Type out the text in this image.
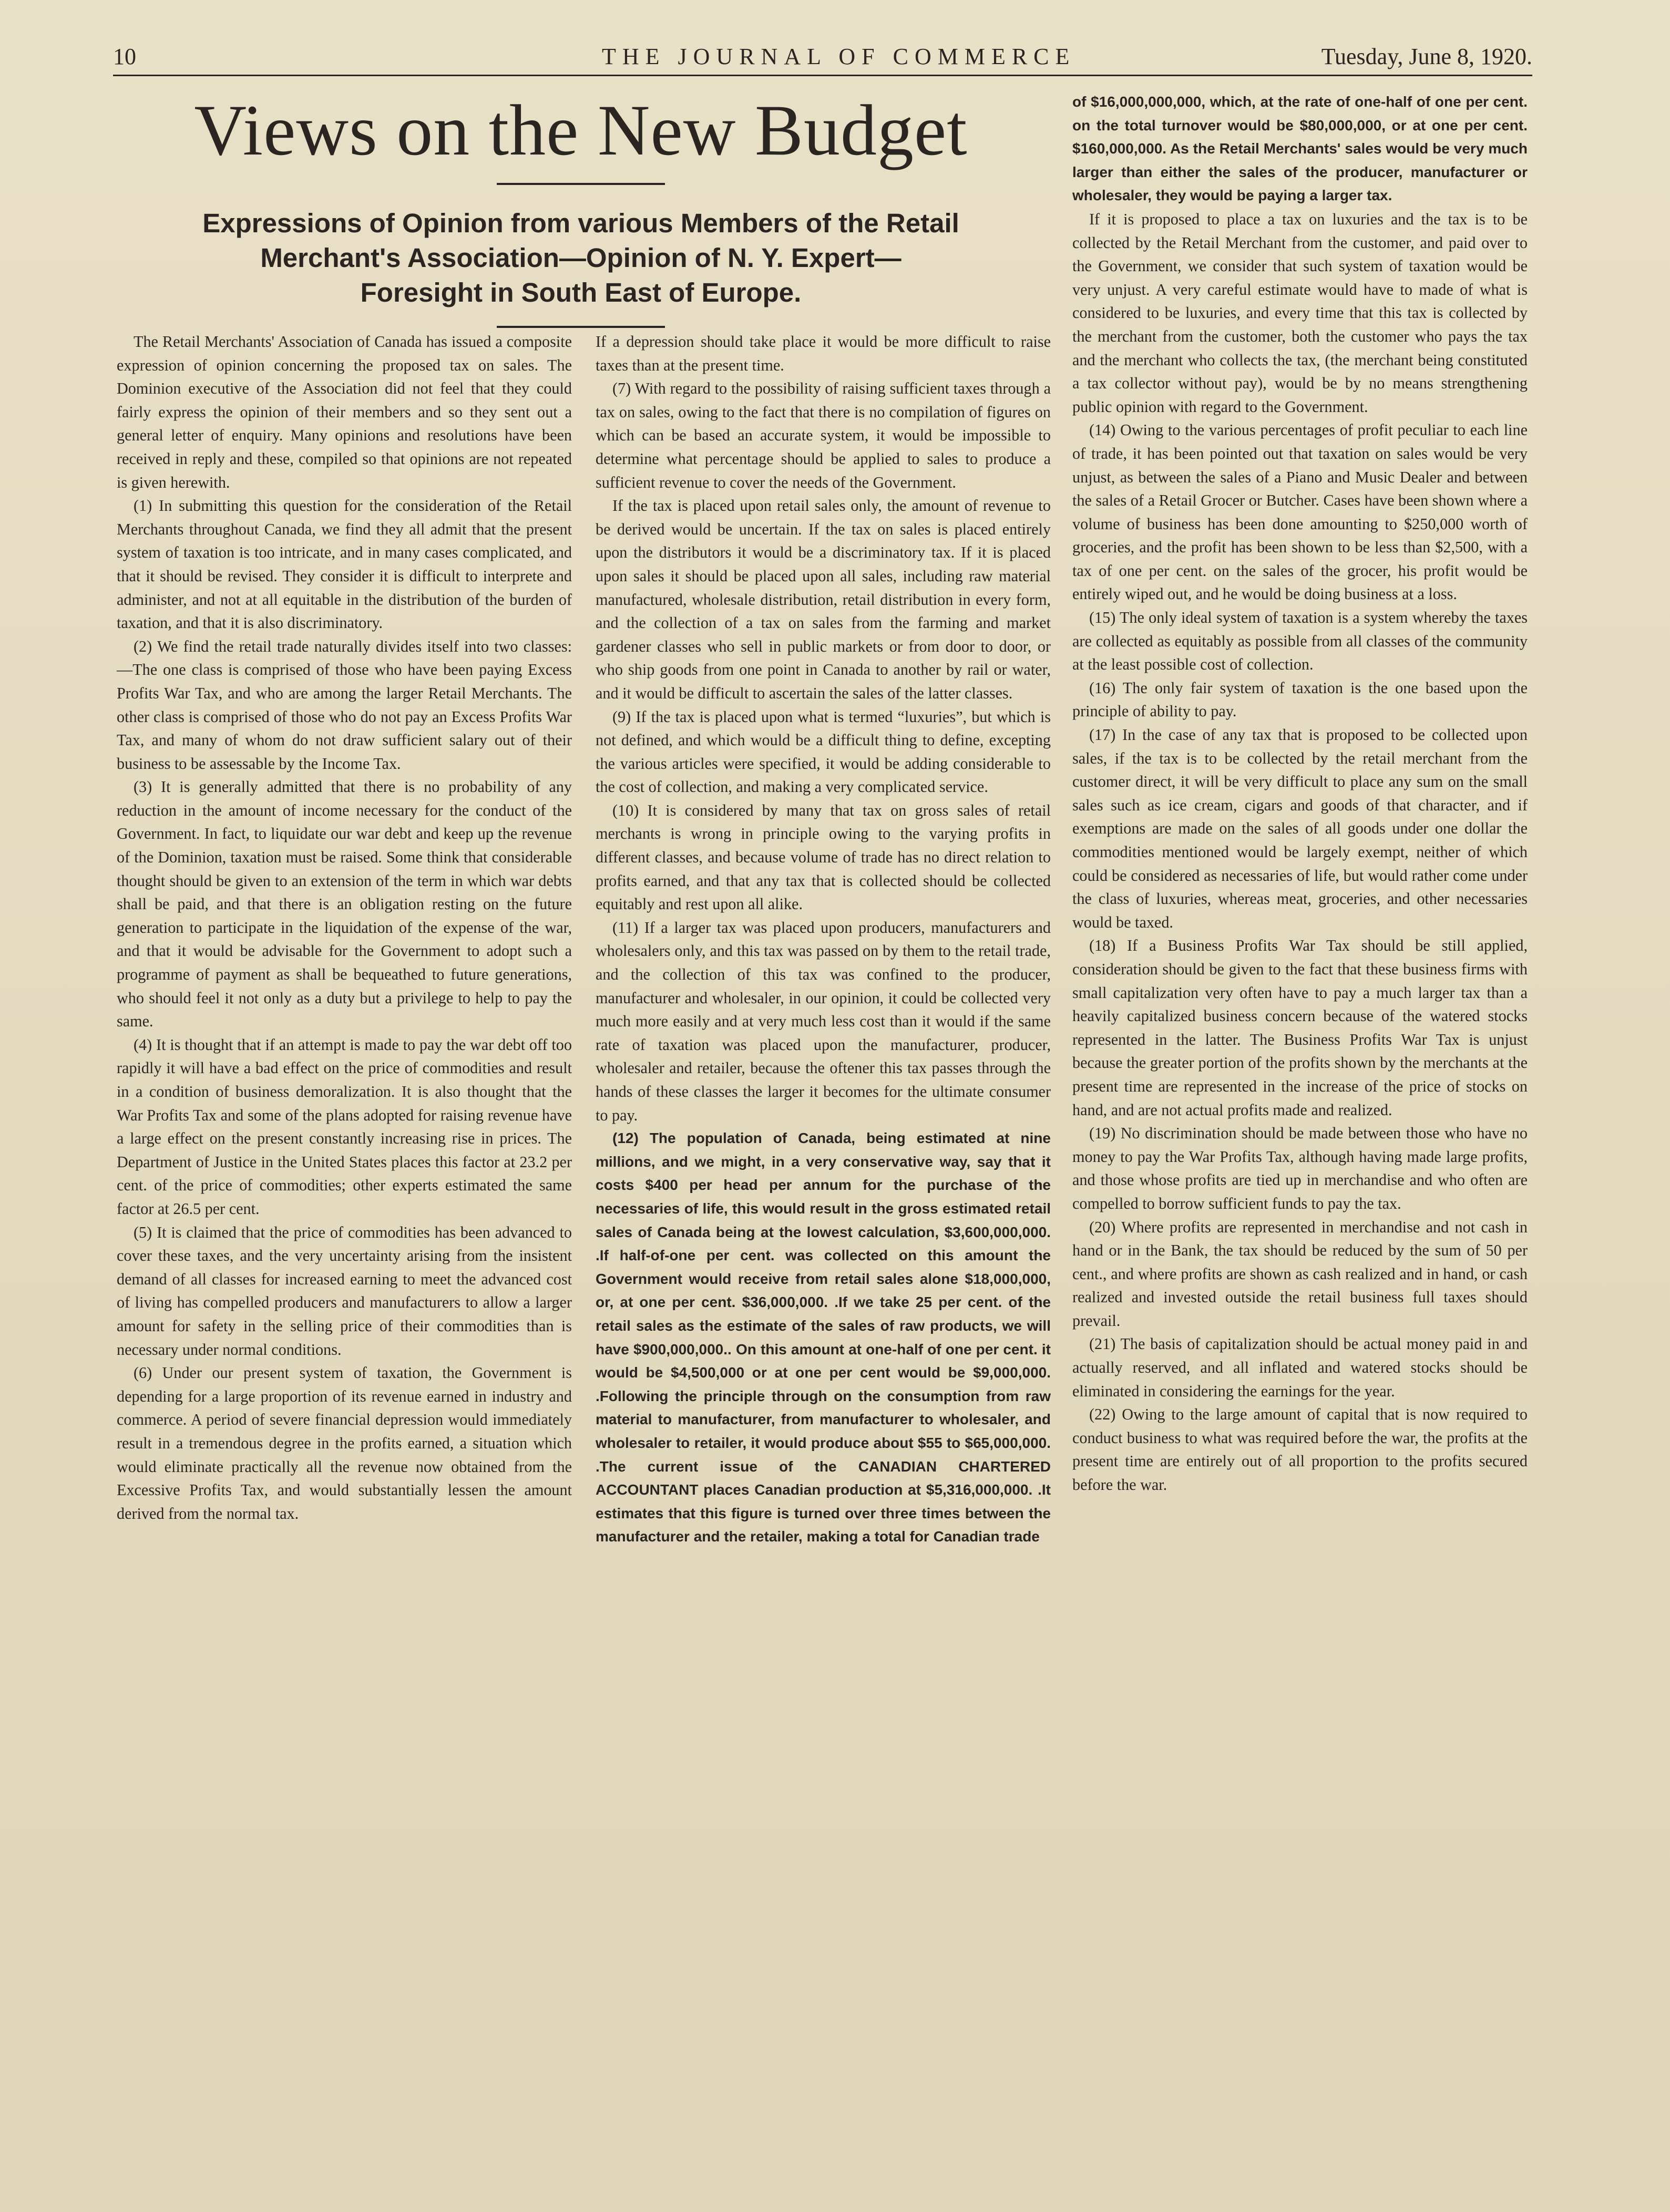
10	THE JOURNAL OF COMMERCE	Tuesday, June 8, 1920.
Views on the New Budget
Expressions of Opinion from various Members of the Retail
Merchant's Association—Opinion of N. Y. Expert—
Foresight in South East of Europe.

The Retail Merchants' Association of Canada has issued a composite expression of opinion concerning the proposed tax on sales. The Dominion executive of the Association did not feel that they could fairly express the opinion of their members and so they sent out a general letter of enquiry. Many opinions and resolutions have been received in reply and these, compiled so that opinions are not repeated is given herewith.

(1) In submitting this question for the consideration of the Retail Merchants throughout Canada, we find they all admit that the present system of taxation is too intricate, and in many cases complicated, and that it should be revised. They consider it is difficult to interprete and administer, and not at all equitable in the distribution of the burden of taxation, and that it is also discriminatory.

(2) We find the retail trade naturally divides itself into two classes:—The one class is comprised of those who have been paying Excess Profits War Tax, and who are among the larger Retail Merchants. The other class is comprised of those who do not pay an Excess Profits War Tax, and many of whom do not draw sufficient salary out of their business to be assessable by the Income Tax.

(3) It is generally admitted that there is no probability of any reduction in the amount of income necessary for the conduct of the Government. In fact, to liquidate our war debt and keep up the revenue of the Dominion, taxation must be raised. Some think that considerable thought should be given to an extension of the term in which war debts shall be paid, and that there is an obligation resting on the future generation to participate in the liquidation of the expense of the war, and that it would be advisable for the Government to adopt such a programme of payment as shall be bequeathed to future generations, who should feel it not only as a duty but a privilege to help to pay the same.

(4) It is thought that if an attempt is made to pay the war debt off too rapidly it will have a bad effect on the price of commodities and result in a condition of business demoralization. It is also thought that the War Profits Tax and some of the plans adopted for raising revenue have a large effect on the present constantly increasing rise in prices. The Department of Justice in the United States places this factor at 23.2 per cent. of the price of commodities; other experts estimated the same factor at 26.5 per cent.

(5) It is claimed that the price of commodities has been advanced to cover these taxes, and the very uncertainty arising from the insistent demand of all classes for increased earning to meet the advanced cost of living has compelled producers and manufacturers to allow a larger amount for safety in the selling price of their commodities than is necessary under normal conditions.

(6) Under our present system of taxation, the Government is depending for a large proportion of its revenue earned in industry and commerce. A period of severe financial depression would immediately result in a tremendous degree in the profits earned, a situation which would eliminate practically all the revenue now obtained from the Excessive Profits Tax, and would substantially lessen the amount derived from the normal tax.

If a depression should take place it would be more difficult to raise taxes than at the present time.

(7) With regard to the possibility of raising sufficient taxes through a tax on sales, owing to the fact that there is no compilation of figures on which can be based an accurate system, it would be impossible to determine what percentage should be applied to sales to produce a sufficient revenue to cover the needs of the Government.

If the tax is placed upon retail sales only, the amount of revenue to be derived would be uncertain. If the tax on sales is placed entirely upon the distributors it would be a discriminatory tax. If it is placed upon sales it should be placed upon all sales, including raw material manufactured, wholesale distribution, retail distribution in every form, and the collection of a tax on sales from the farming and market gardener classes who sell in public markets or from door to door, or who ship goods from one point in Canada to another by rail or water, and it would be difficult to ascertain the sales of the latter classes.

(9) If the tax is placed upon what is termed “luxuries”, but which is not defined, and which would be a difficult thing to define, excepting the various articles were specified, it would be adding considerable to the cost of collection, and making a very complicated service.

(10) It is considered by many that tax on gross sales of retail merchants is wrong in principle owing to the varying profits in different classes, and because volume of trade has no direct relation to profits earned, and that any tax that is collected should be collected equitably and rest upon all alike.

(11) If a larger tax was placed upon producers, manufacturers and wholesalers only, and this tax was passed on by them to the retail trade, and the collection of this tax was confined to the producer, manufacturer and wholesaler, in our opinion, it could be collected very much more easily and at very much less cost than it would if the same rate of taxation was placed upon the manufacturer, producer, wholesaler and retailer, because the oftener this tax passes through the hands of these classes the larger it becomes for the ultimate consumer to pay.

(12) The population of Canada, being estimated at nine millions, and we might, in a very conservative way, say that it costs $400 per head per annum for the purchase of the necessaries of life, this would result in the gross estimated retail sales of Canada being at the lowest calculation, $3,600,000,000. .If half-of-one per cent. was collected on this amount the Government would receive from retail sales alone $18,000,000, or, at one per cent. $36,000,000. .If we take 25 per cent. of the retail sales as the estimate of the sales of raw products, we will have $900,000,000.. On this amount at one-half of one per cent. it would be $4,500,000 or at one per cent would be $9,000,000. .Following the principle through on the consumption from raw material to manufacturer, from manufacturer to wholesaler, and wholesaler to retailer, it would produce about $55 to $65,000,000. .The current issue of the CANADIAN CHARTERED ACCOUNTANT places Canadian production at $5,316,000,000. .It estimates that this figure is turned over three times between the manufacturer and the retailer, making a total for Canadian trade

of $16,000,000,000, which, at the rate of one-half of one per cent. on the total turnover would be $80,000,000, or at one per cent. $160,000,000. As the Retail Merchants' sales would be very much larger than either the sales of the producer, manufacturer or wholesaler, they would be paying a larger tax.

If it is proposed to place a tax on luxuries and the tax is to be collected by the Retail Merchant from the customer, and paid over to the Government, we consider that such system of taxation would be very unjust. A very careful estimate would have to made of what is considered to be luxuries, and every time that this tax is collected by the merchant from the customer, both the customer who pays the tax and the merchant who collects the tax, (the merchant being constituted a tax collector without pay), would be by no means strengthening public opinion with regard to the Government.

(14) Owing to the various percentages of profit peculiar to each line of trade, it has been pointed out that taxation on sales would be very unjust, as between the sales of a Piano and Music Dealer and between the sales of a Retail Grocer or Butcher. Cases have been shown where a volume of business has been done amounting to $250,000 worth of groceries, and the profit has been shown to be less than $2,500, with a tax of one per cent. on the sales of the grocer, his profit would be entirely wiped out, and he would be doing business at a loss.

(15) The only ideal system of taxation is a system whereby the taxes are collected as equitably as possible from all classes of the community at the least possible cost of collection.

(16) The only fair system of taxation is the one based upon the principle of ability to pay.

(17) In the case of any tax that is proposed to be collected upon sales, if the tax is to be collected by the retail merchant from the customer direct, it will be very difficult to place any sum on the small sales such as ice cream, cigars and goods of that character, and if exemptions are made on the sales of all goods under one dollar the commodities mentioned would be largely exempt, neither of which could be considered as necessaries of life, but would rather come under the class of luxuries, whereas meat, groceries, and other necessaries would be taxed.

(18) If a Business Profits War Tax should be still applied, consideration should be given to the fact that these business firms with small capitalization very often have to pay a much larger tax than a heavily capitalized business concern because of the watered stocks represented in the latter. The Business Profits War Tax is unjust because the greater portion of the profits shown by the merchants at the present time are represented in the increase of the price of stocks on hand, and are not actual profits made and realized.

(19) No discrimination should be made between those who have no money to pay the War Profits Tax, although having made large profits, and those whose profits are tied up in merchandise and who often are compelled to borrow sufficient funds to pay the tax.

(20) Where profits are represented in merchandise and not cash in hand or in the Bank, the tax should be reduced by the sum of 50 per cent., and where profits are shown as cash realized and in hand, or cash realized and invested outside the retail business full taxes should prevail.

(21) The basis of capitalization should be actual money paid in and actually reserved, and all inflated and watered stocks should be eliminated in considering the earnings for the year.

(22) Owing to the large amount of capital that is now required to conduct business to what was required before the war, the profits at the present time are entirely out of all proportion to the profits secured before the war.
